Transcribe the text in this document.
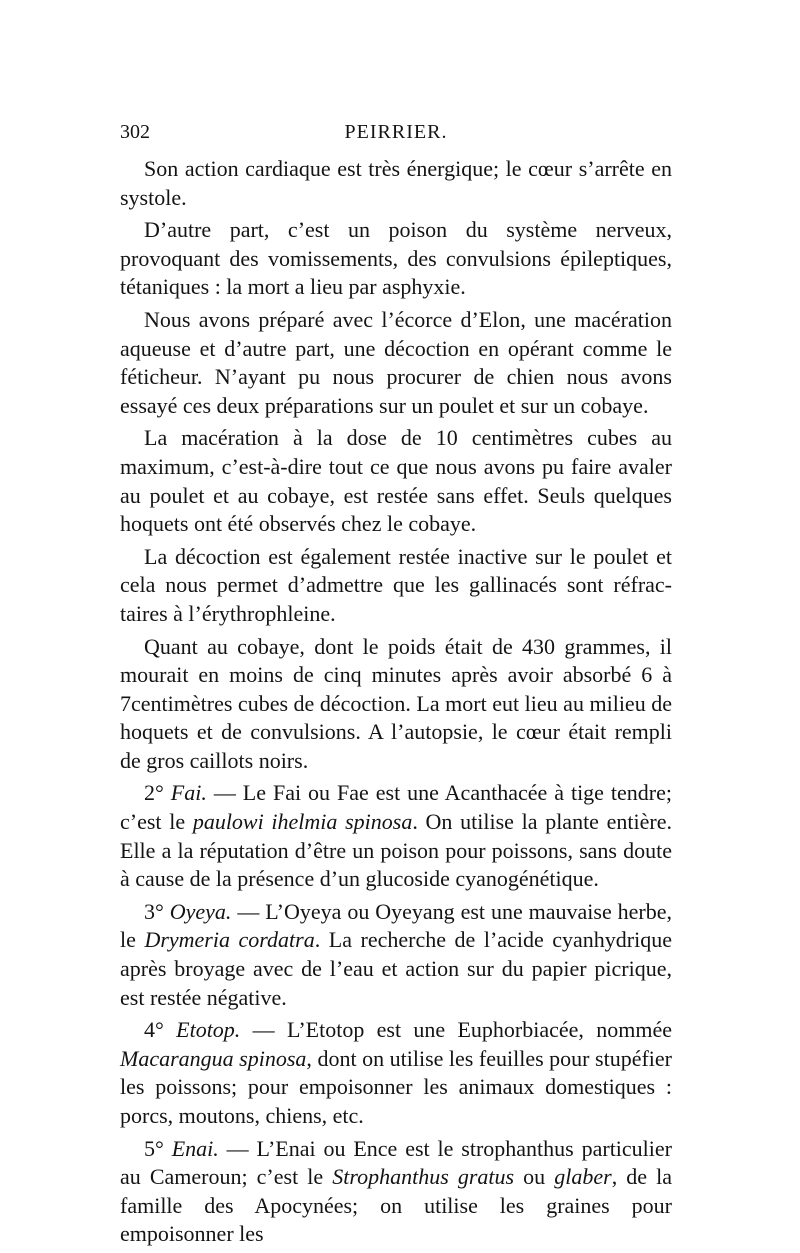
302	PEIRRIER.

Son action cardiaque est très énergique; le cœur s’arrête en systole.

D’autre part, c’est un poison du système nerveux, provoquant des vomissements, des convulsions épileptiques, tétaniques : la mort a lieu par asphyxie.

Nous avons préparé avec l’écorce d’Elon, une macération aqueuse et d’autre part, une décoction en opérant comme le féticheur. N’ayant pu nous procurer de chien nous avons essayé ces deux préparations sur un poulet et sur un cobaye.

La macération à la dose de 10 centimètres cubes au maximum, c’est-à-dire tout ce que nous avons pu faire avaler au poulet et au cobaye, est restée sans effet. Seuls quelques hoquets ont été observés chez le cobaye.

La décoction est également restée inactive sur le poulet et cela nous permet d’admettre que les gallinacés sont réfractaires à l’érythrophleine.

Quant au cobaye, dont le poids était de 430 grammes, il mourait en moins de cinq minutes après avoir absorbé 6 à 7centimètres cubes de décoction. La mort eut lieu au milieu de hoquets et de convulsions. A l’autopsie, le cœur était rempli de gros caillots noirs.

2° Fai. — Le Fai ou Fae est une Acanthacée à tige tendre; c’est le paulowi ihelmia spinosa. On utilise la plante entière. Elle a la réputation d’être un poison pour poissons, sans doute à cause de la présence d’un glucoside cyanogénétique.

3° Oyeya. — L’Oyeya ou Oyeyang est une mauvaise herbe, le Drymeria cordatra. La recherche de l’acide cyanhydrique après broyage avec de l’eau et action sur du papier picrique, est restée négative.

4° Etotop. — L’Etotop est une Euphorbiacée, nommée Macarangua spinosa, dont on utilise les feuilles pour stupéfier les poissons; pour empoisonner les animaux domestiques : porcs, moutons, chiens, etc.

5° Enai. — L’Enai ou Ence est le strophanthus particulier au Cameroun; c’est le Strophanthus gratus ou glaber, de la famille des Apocynées; on utilise les graines pour empoisonner les
